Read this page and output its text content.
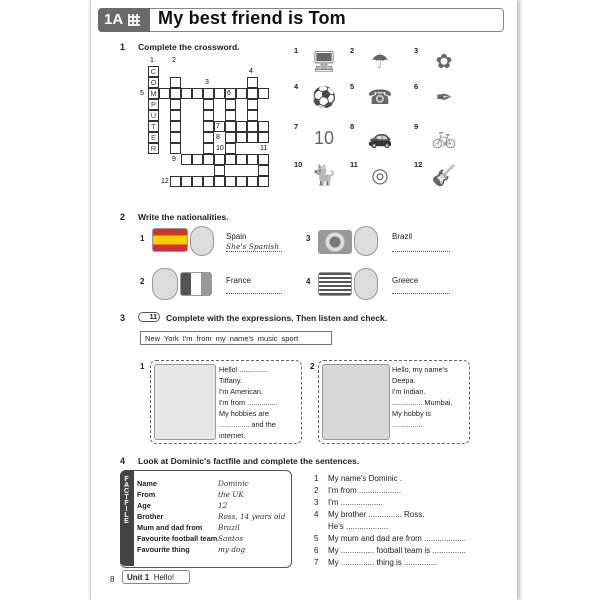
1A	My best friend is Tom
1 Complete the crossword.
C
O
M
P
U
T
E
R
1	2
3
4
5	6
7
8
9
10	11
12
1
🖥
2
☂
3
✿
4
⚽
5
☎
6
✒
7
10
8
🚗
9
🚲
10
🐈
11
◎
12
🎸
2 Write the nationalities.
1	Spain
She's Spanish
2	France
3	Brazil
4	Greece
3	11	Complete with the expressions. Then listen and check.
New York I'm from my name's music sport
1	Hello! ..............
Tiffany.
I'm American.
I'm from ...............
My hobbies are
............... and the
internet.
2	Hello, my name's
Deepa.
I'm Indian.
............... Mumbai.
My hobby is
...............
4 Look at Dominic's factfile and complete the sentences.
FACTFILE Name	Dominic
From	the UK
Age	12
Brother	Ross, 14 years old
Mum and dad from Brazil
Favourite football team Santos
Favourite thing	my dog
1 My name's Dominic .
2 I'm from ...................
3 I'm ...................
4 My brother ............... Ross.
He's ...................
5 My mum and dad are from ...................
6 My ............... football team is ...............
7 My ............... thing is ...............
8	Unit 1 Hello!
